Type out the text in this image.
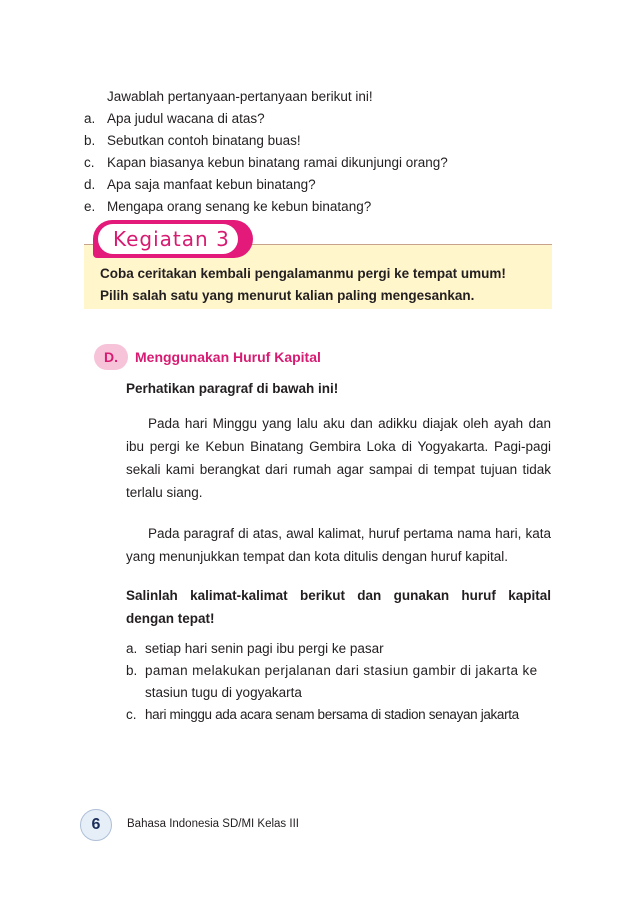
Jawablah pertanyaan-pertanyaan berikut ini!
a. Apa judul wacana di atas?
b. Sebutkan contoh binatang buas!
c. Kapan biasanya kebun binatang ramai dikunjungi orang?
d. Apa saja manfaat kebun binatang?
e. Mengapa orang senang ke kebun binatang?
Kegiatan 3
Coba ceritakan kembali pengalamanmu pergi ke tempat umum!
Pilih salah satu yang menurut kalian paling mengesankan.
D. Menggunakan Huruf Kapital
Perhatikan paragraf di bawah ini!
Pada hari Minggu yang lalu aku dan adikku diajak oleh ayah dan ibu pergi ke Kebun Binatang Gembira Loka di Yogyakarta. Pagi-pagi sekali kami berangkat dari rumah agar sampai di tempat tujuan tidak terlalu siang.
Pada paragraf di atas, awal kalimat, huruf pertama nama hari, kata yang menunjukkan tempat dan kota ditulis dengan huruf kapital.
Salinlah kalimat-kalimat berikut dan gunakan huruf kapital dengan tepat!
a. setiap hari senin pagi ibu pergi ke pasar
b. paman melakukan perjalanan dari stasiun gambir di jakarta ke
stasiun tugu di yogyakarta
c. hari minggu ada acara senam bersama di stadion senayan jakarta
6	Bahasa Indonesia SD/MI Kelas III
